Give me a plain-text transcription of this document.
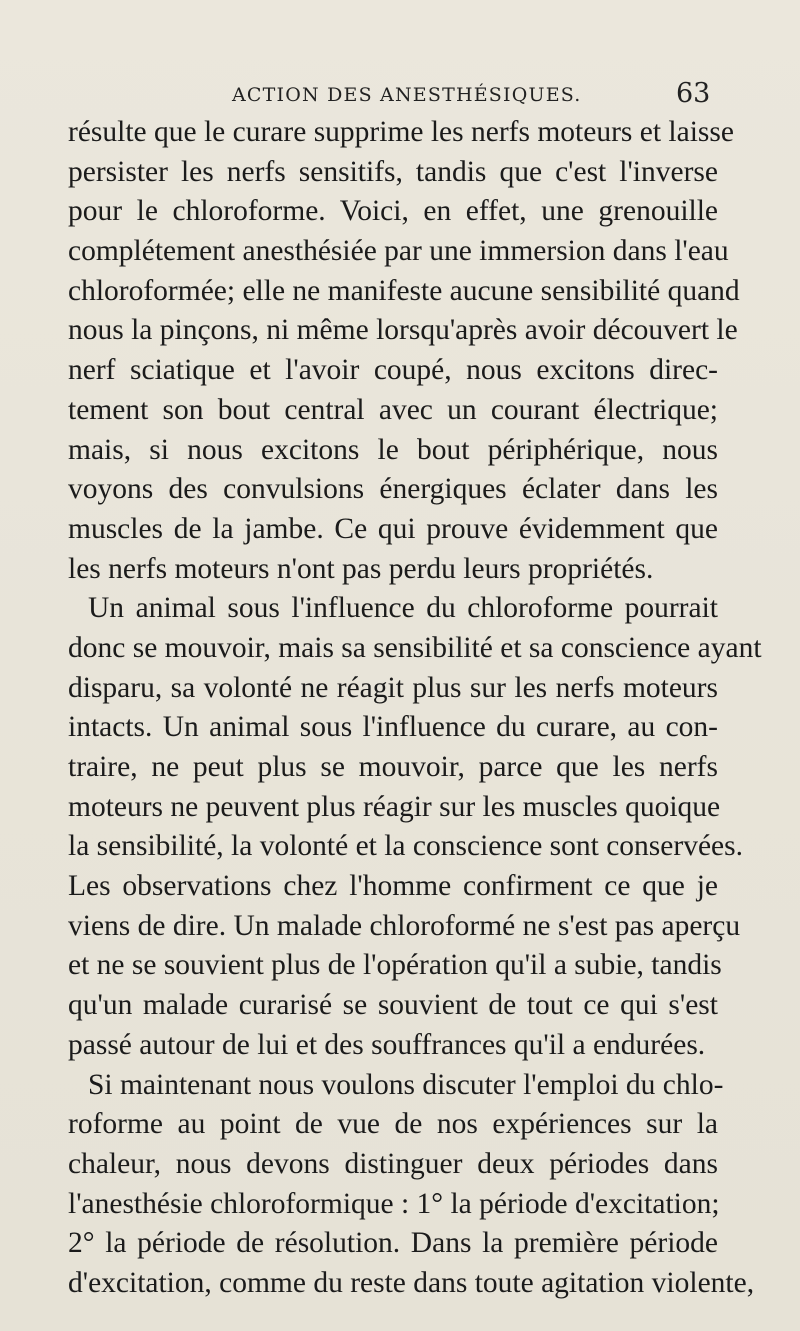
ACTION DES ANESTHÉSIQUES.	63
résulte que le curare supprime les nerfs moteurs et laisse
persister les nerfs sensitifs, tandis que c'est l'inverse
pour le chloroforme. Voici, en effet, une grenouille
complétement anesthésiée par une immersion dans l'eau
chloroformée; elle ne manifeste aucune sensibilité quand
nous la pinçons, ni même lorsqu'après avoir découvert le
nerf sciatique et l'avoir coupé, nous excitons direc-
tement son bout central avec un courant électrique;
mais, si nous excitons le bout périphérique, nous
voyons des convulsions énergiques éclater dans les
muscles de la jambe. Ce qui prouve évidemment que
les nerfs moteurs n'ont pas perdu leurs propriétés.
Un animal sous l'influence du chloroforme pourrait
donc se mouvoir, mais sa sensibilité et sa conscience ayant
disparu, sa volonté ne réagit plus sur les nerfs moteurs
intacts. Un animal sous l'influence du curare, au con-
traire, ne peut plus se mouvoir, parce que les nerfs
moteurs ne peuvent plus réagir sur les muscles quoique
la sensibilité, la volonté et la conscience sont conservées.
Les observations chez l'homme confirment ce que je
viens de dire. Un malade chloroformé ne s'est pas aperçu
et ne se souvient plus de l'opération qu'il a subie, tandis
qu'un malade curarisé se souvient de tout ce qui s'est
passé autour de lui et des souffrances qu'il a endurées.
Si maintenant nous voulons discuter l'emploi du chlo-
roforme au point de vue de nos expériences sur la
chaleur, nous devons distinguer deux périodes dans
l'anesthésie chloroformique : 1° la période d'excitation;
2° la période de résolution. Dans la première période
d'excitation, comme du reste dans toute agitation violente,
